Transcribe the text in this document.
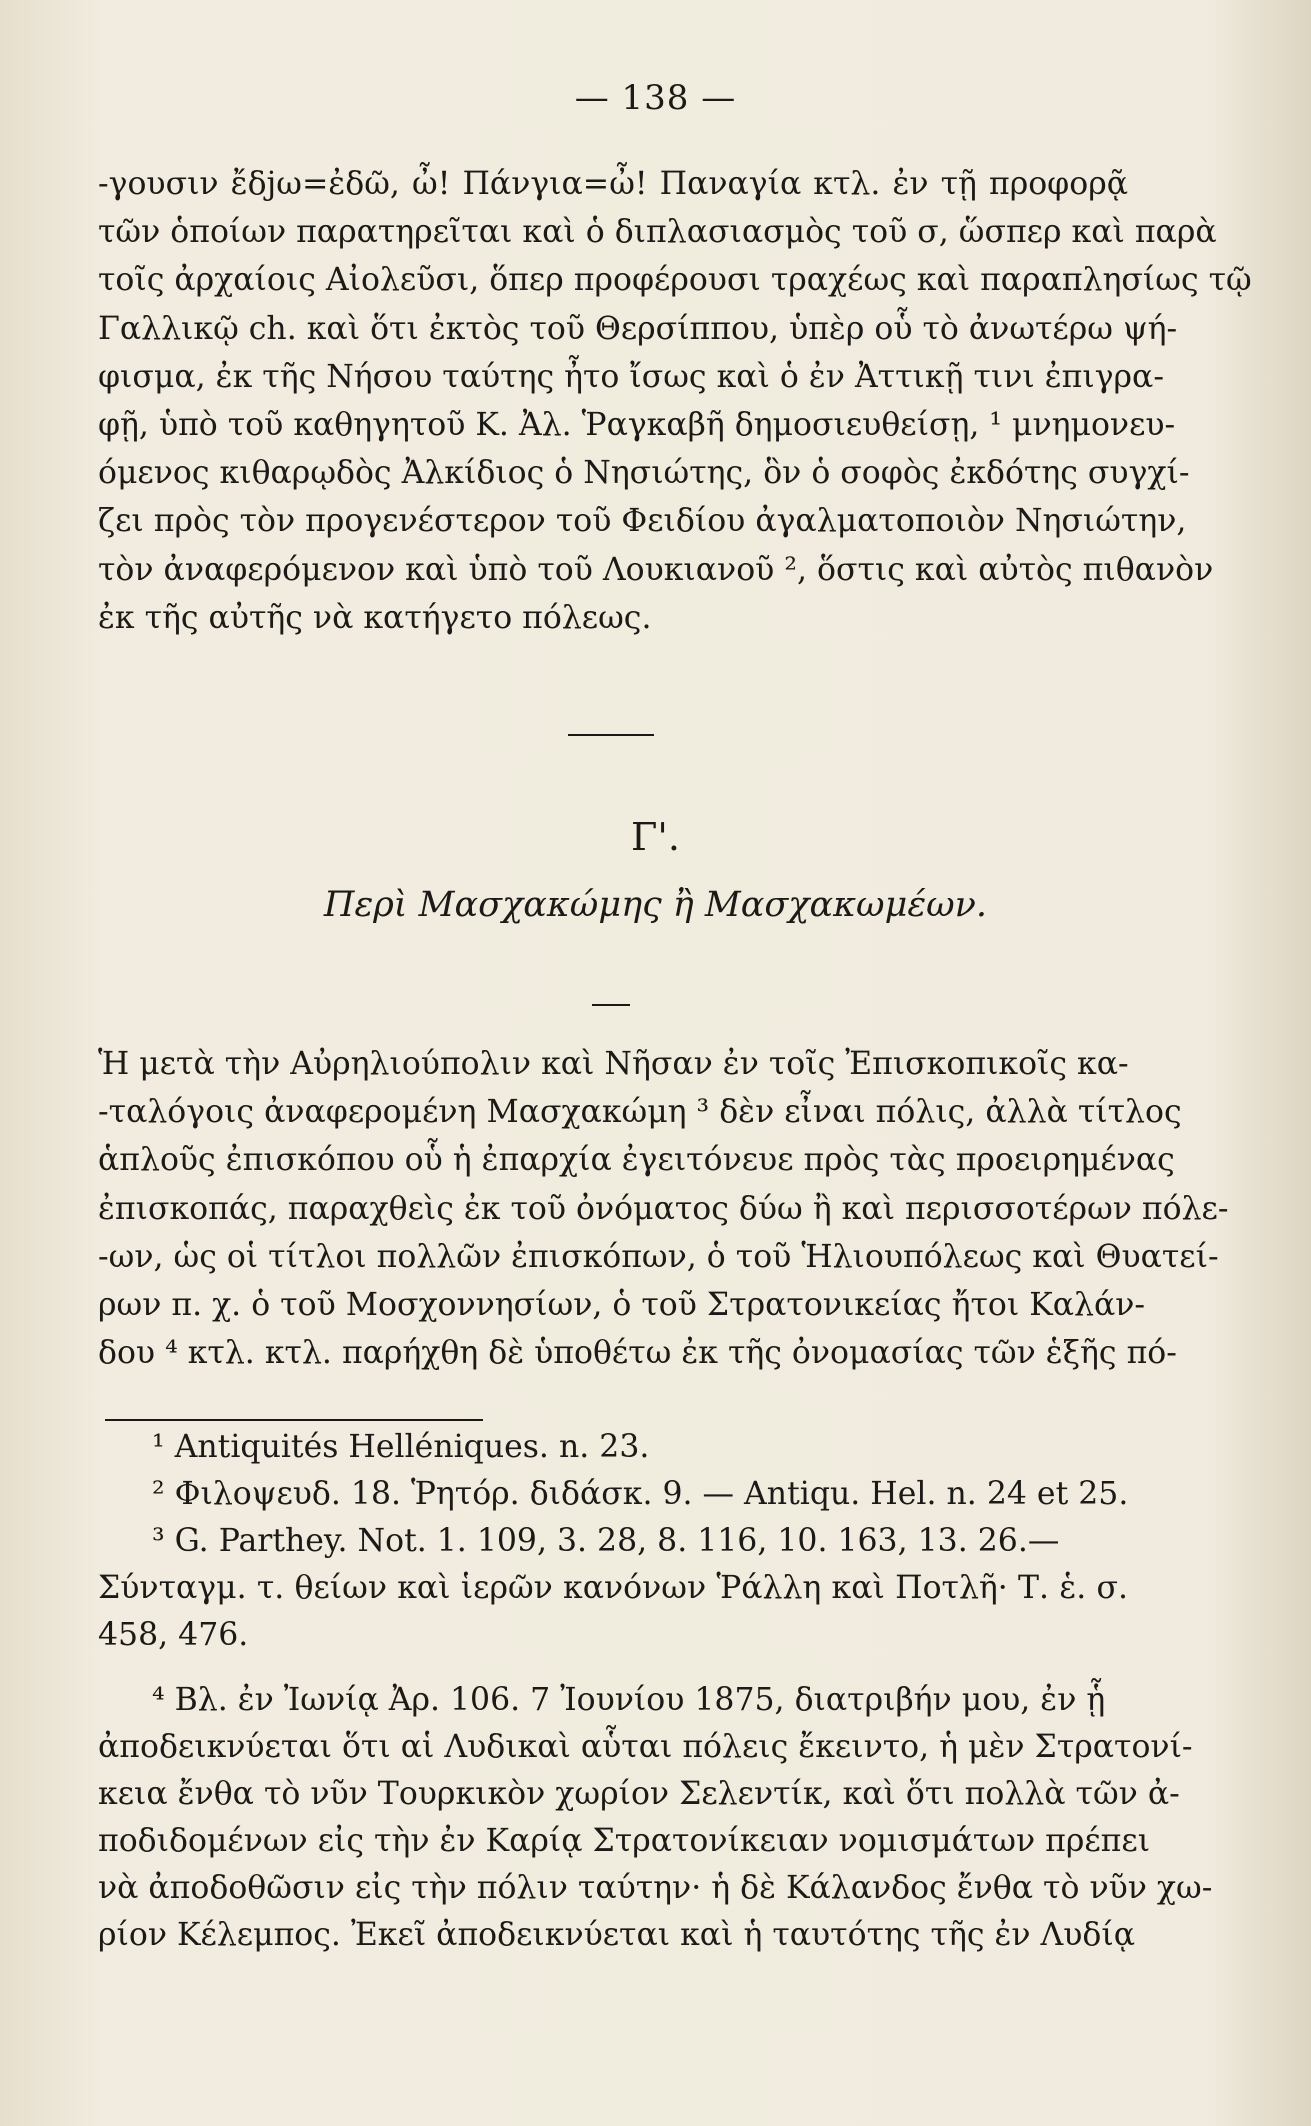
— 138 —
-γουσιν ἔδjω=ἐδῶ, ὦ! Πάνγια=ὦ! Παναγία κτλ. ἐν τῇ προφορᾷ
τῶν ὁποίων παρατηρεῖται καὶ ὁ διπλασιασμὸς τοῦ σ, ὥσπερ καὶ παρὰ
τοῖς ἀρχαίοις Αἰολεῦσι, ὅπερ προφέρουσι τραχέως καὶ παραπλησίως τῷ
Γαλλικῷ ch. καὶ ὅτι ἐκτὸς τοῦ Θερσίππου, ὑπὲρ οὗ τὸ ἀνωτέρω ψή-
φισμα, ἐκ τῆς Νήσου ταύτης ἦτο ἴσως καὶ ὁ ἐν Ἀττικῇ τινι ἐπιγρα-
φῇ, ὑπὸ τοῦ καθηγητοῦ Κ. Ἀλ. Ῥαγκαβῆ δημοσιευθείσῃ, ¹ μνημονευ-
όμενος κιθαρῳδὸς Ἀλκίδιος ὁ Νησιώτης, ὃν ὁ σοφὸς ἐκδότης συγχί-
ζει πρὸς τὸν προγενέστερον τοῦ Φειδίου ἀγαλματοποιὸν Νησιώτην,
τὸν ἀναφερόμενον καὶ ὑπὸ τοῦ Λουκιανοῦ ², ὅστις καὶ αὐτὸς πιθανὸν
ἐκ τῆς αὐτῆς νὰ κατήγετο πόλεως.
Γ'.
Περὶ Μασχακώμης ἢ Μασχακωμέων.
Ἡ μετὰ τὴν Αὐρηλιούπολιν καὶ Νῆσαν ἐν τοῖς Ἐπισκοπικοῖς κα-
-ταλόγοις ἀναφερομένη Μασχακώμη ³ δὲν εἶναι πόλις, ἀλλὰ τίτλος
ἁπλοῦς ἐπισκόπου οὗ ἡ ἐπαρχία ἐγειτόνευε πρὸς τὰς προειρημένας
ἐπισκοπάς, παραχθεὶς ἐκ τοῦ ὀνόματος δύω ἢ καὶ περισσοτέρων πόλε-
-ων, ὡς οἱ τίτλοι πολλῶν ἐπισκόπων, ὁ τοῦ Ἡλιουπόλεως καὶ Θυατεί-
ρων π. χ. ὁ τοῦ Μοσχοννησίων, ὁ τοῦ Στρατονικείας ἤτοι Καλάν-
δου ⁴ κτλ. κτλ. παρήχθη δὲ ὑποθέτω ἐκ τῆς ὀνομασίας τῶν ἑξῆς πό-
¹ Antiquités Helléniques. n. 23.
² Φιλοψευδ. 18. Ῥητόρ. διδάσκ. 9. — Antiqu. Hel. n. 24 et 25.
³ G. Parthey. Not. 1. 109, 3. 28, 8. 116, 10. 163, 13. 26.—
Σύνταγμ. τ. θείων καὶ ἱερῶν κανόνων Ῥάλλη καὶ Ποτλῆ· Τ. ἑ. σ.
458, 476.
⁴ Βλ. ἐν Ἰωνίᾳ Ἀρ. 106. 7 Ἰουνίου 1875, διατριβήν μου, ἐν ᾗ
ἀποδεικνύεται ὅτι αἱ Λυδικαὶ αὗται πόλεις ἔκειντο, ἡ μὲν Στρατονί-
κεια ἔνθα τὸ νῦν Τουρκικὸν χωρίον Σελεντίκ, καὶ ὅτι πολλὰ τῶν ἀ-
ποδιδομένων εἰς τὴν ἐν Καρίᾳ Στρατονίκειαν νομισμάτων πρέπει
νὰ ἀποδοθῶσιν εἰς τὴν πόλιν ταύτην· ἡ δὲ Κάλανδος ἔνθα τὸ νῦν χω-
ρίον Κέλεμπος. Ἐκεῖ ἀποδεικνύεται καὶ ἡ ταυτότης τῆς ἐν Λυδίᾳ
